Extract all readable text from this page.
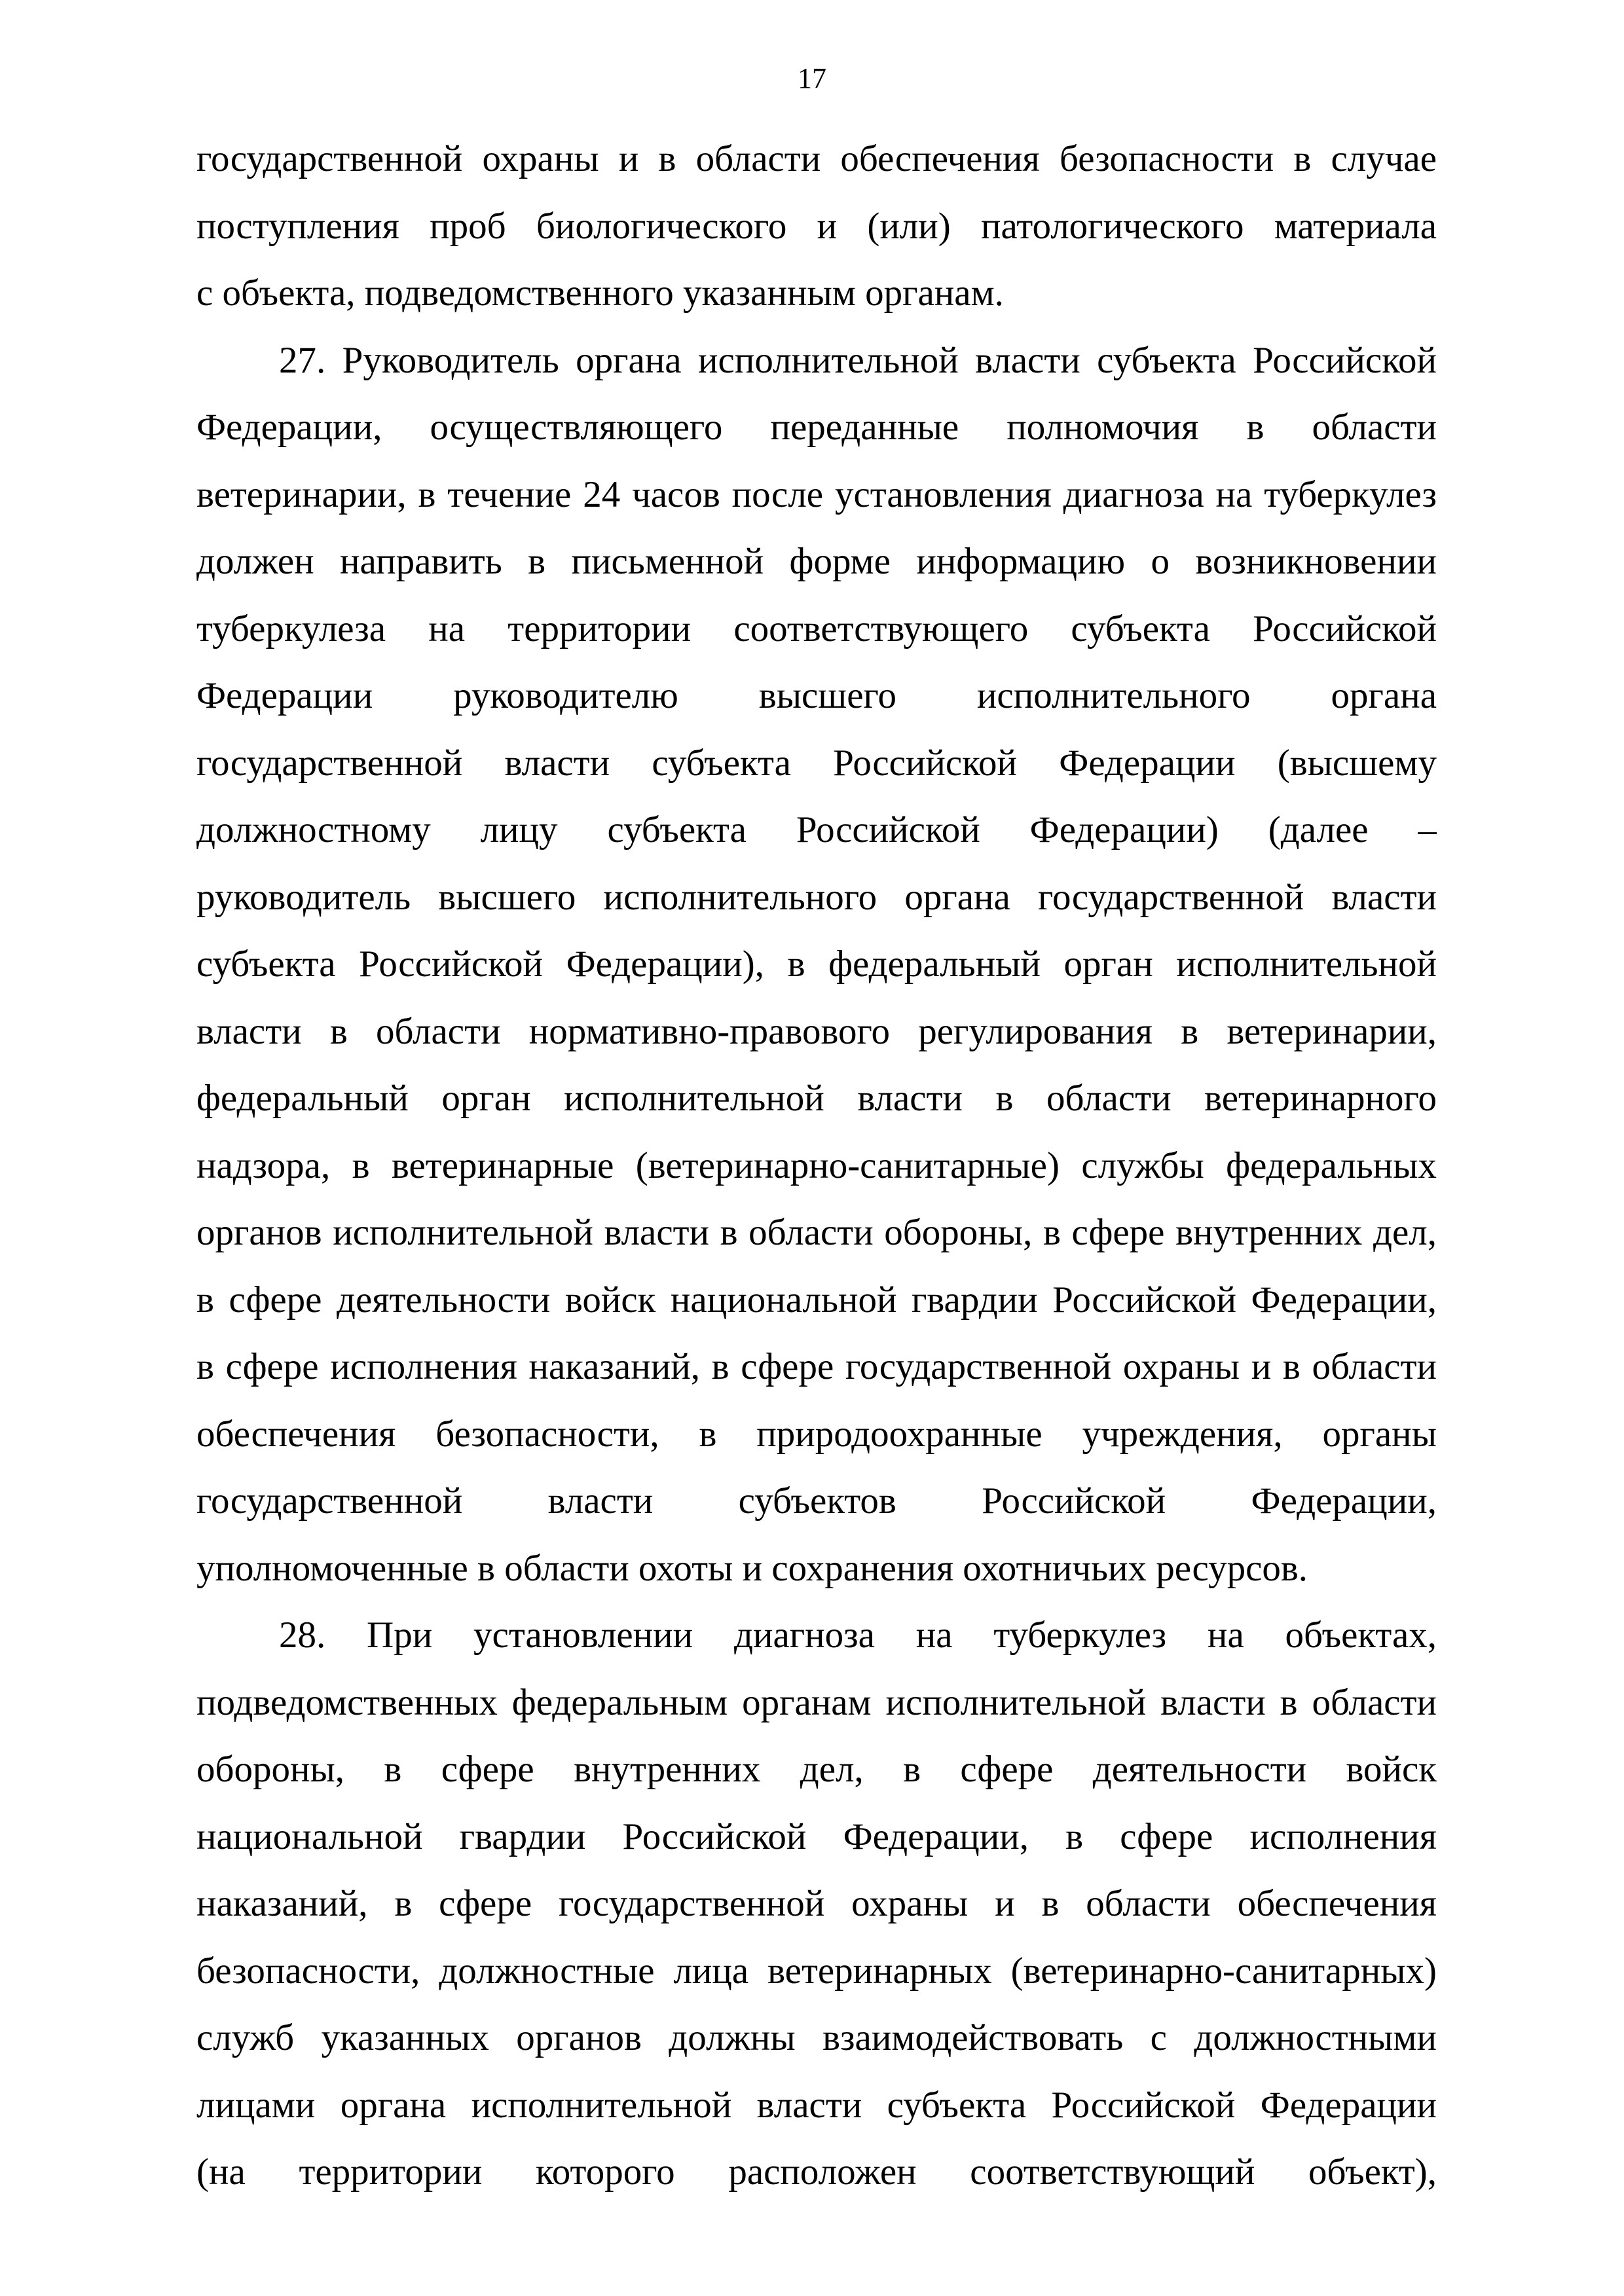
17
государственной охраны и в области обеспечения безопасности в случае
поступления проб биологического и (или) патологического материала
с объекта, подведомственного указанным органам.
27. Руководитель органа исполнительной власти субъекта Российской
Федерации, осуществляющего переданные полномочия в области
ветеринарии, в течение 24 часов после установления диагноза на туберкулез
должен направить в письменной форме информацию о возникновении
туберкулеза на территории соответствующего субъекта Российской
Федерации руководителю высшего исполнительного органа
государственной власти субъекта Российской Федерации (высшему
должностному лицу субъекта Российской Федерации) (далее –
руководитель высшего исполнительного органа государственной власти
субъекта Российской Федерации), в федеральный орган исполнительной
власти в области нормативно-правового регулирования в ветеринарии,
федеральный орган исполнительной власти в области ветеринарного
надзора, в ветеринарные (ветеринарно-санитарные) службы федеральных
органов исполнительной власти в области обороны, в сфере внутренних дел,
в сфере деятельности войск национальной гвардии Российской Федерации,
в сфере исполнения наказаний, в сфере государственной охраны и в области
обеспечения безопасности, в природоохранные учреждения, органы
государственной власти субъектов Российской Федерации,
уполномоченные в области охоты и сохранения охотничьих ресурсов.
28. При установлении диагноза на туберкулез на объектах,
подведомственных федеральным органам исполнительной власти в области
обороны, в сфере внутренних дел, в сфере деятельности войск
национальной гвардии Российской Федерации, в сфере исполнения
наказаний, в сфере государственной охраны и в области обеспечения
безопасности, должностные лица ветеринарных (ветеринарно-санитарных)
служб указанных органов должны взаимодействовать с должностными
лицами органа исполнительной власти субъекта Российской Федерации
(на территории которого расположен соответствующий объект),
